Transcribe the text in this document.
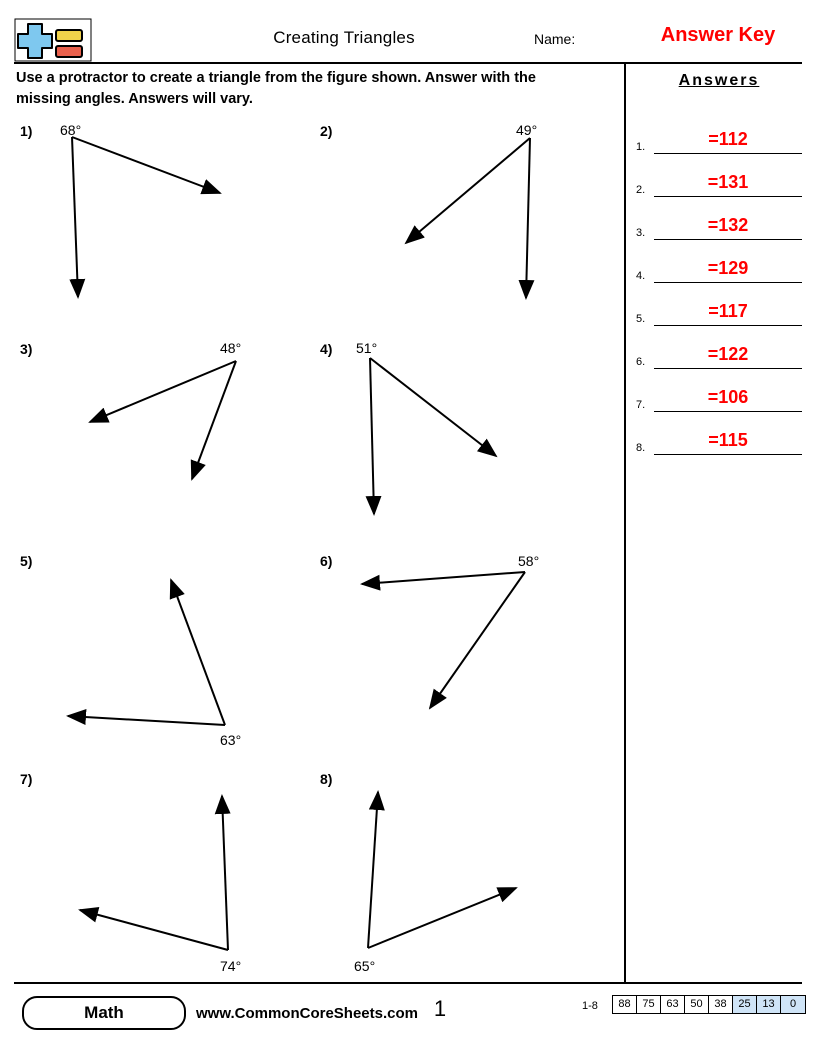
Creating Triangles	Name:	Answer Key
Use a protractor to create a triangle from the figure shown. Answer with the missing angles. Answers will vary.
Answers
1.	=112
2.	=131
3.	=132
4.	=129
5.	=117
6.	=122
7.	=106
8.	=115
1) 68°	2)	49°
3)	48°	4) 51°
5)
63°
6)	58°
7)
74°
8)
65°
Math	www.CommonCoreSheets.com 1	1-8	88	75	63	50	38	25	13	0
